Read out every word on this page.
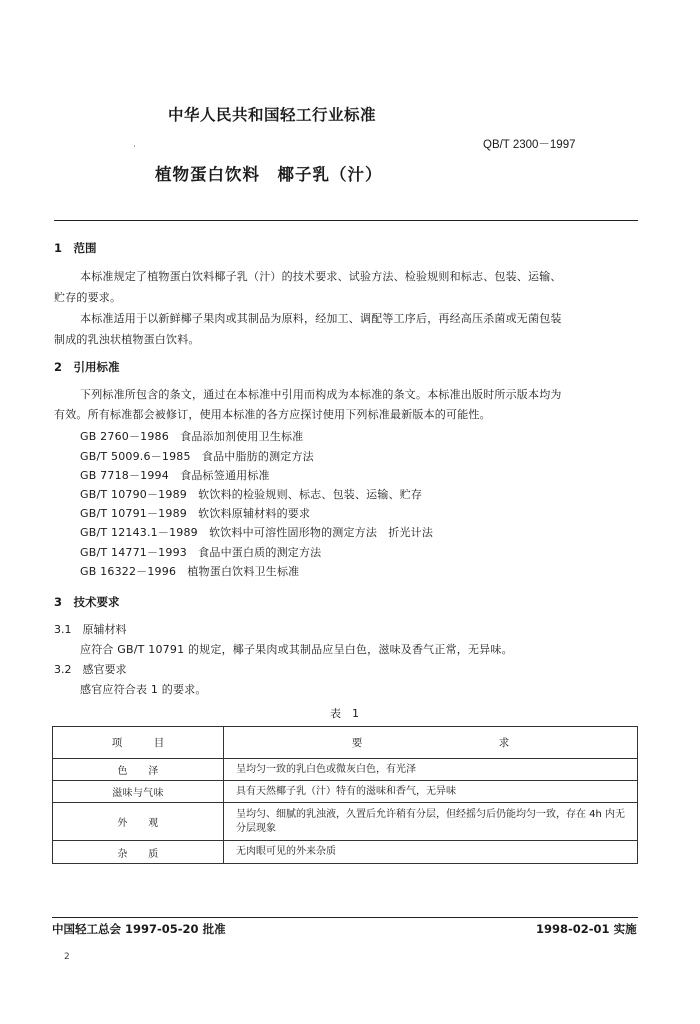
中华人民共和国轻工行业标准
·	QB/T 2300－1997
植物蛋白饮料　椰子乳（汁）
1　范围
本标准规定了植物蛋白饮料椰子乳（汁）的技术要求、试验方法、检验规则和标志、包装、运输、
贮存的要求。
本标准适用于以新鲜椰子果肉或其制品为原料，经加工、调配等工序后，再经高压杀菌或无菌包装
制成的乳浊状植物蛋白饮料。
2　引用标准
下列标准所包含的条文，通过在本标准中引用而构成为本标准的条文。本标准出版时所示版本均为
有效。所有标准都会被修订，使用本标准的各方应探讨使用下列标准最新版本的可能性。
GB 2760－1986　食品添加剂使用卫生标准
GB/T 5009.6－1985　食品中脂肪的测定方法
GB 7718－1994　食品标签通用标准
GB/T 10790－1989　软饮料的检验规则、标志、包装、运输、贮存
GB/T 10791－1989　软饮料原辅材料的要求
GB/T 12143.1－1989　软饮料中可溶性固形物的测定方法　折光计法
GB/T 14771－1993　食品中蛋白质的测定方法
GB 16322－1996　植物蛋白饮料卫生标准
3　技术要求
3.1　原辅材料
应符合 GB/T 10791 的规定，椰子果肉或其制品应呈白色，滋味及香气正常，无异味。
3.2　感官要求
感官应符合表 1 的要求。
表　1
项　　　目	要　　　　　　　　　　　　　求
色　　泽	呈均匀一致的乳白色或微灰白色，有光泽
滋味与气味	具有天然椰子乳（汁）特有的滋味和香气，无异味
外　　观	呈均匀、细腻的乳浊液，久置后允许稍有分层，但经摇匀后仍能均匀一致，存在 4h 内无分层现象
杂　　质	无肉眼可见的外来杂质
中国轻工总会 1997-05-20 批准	1998-02-01 实施
2
